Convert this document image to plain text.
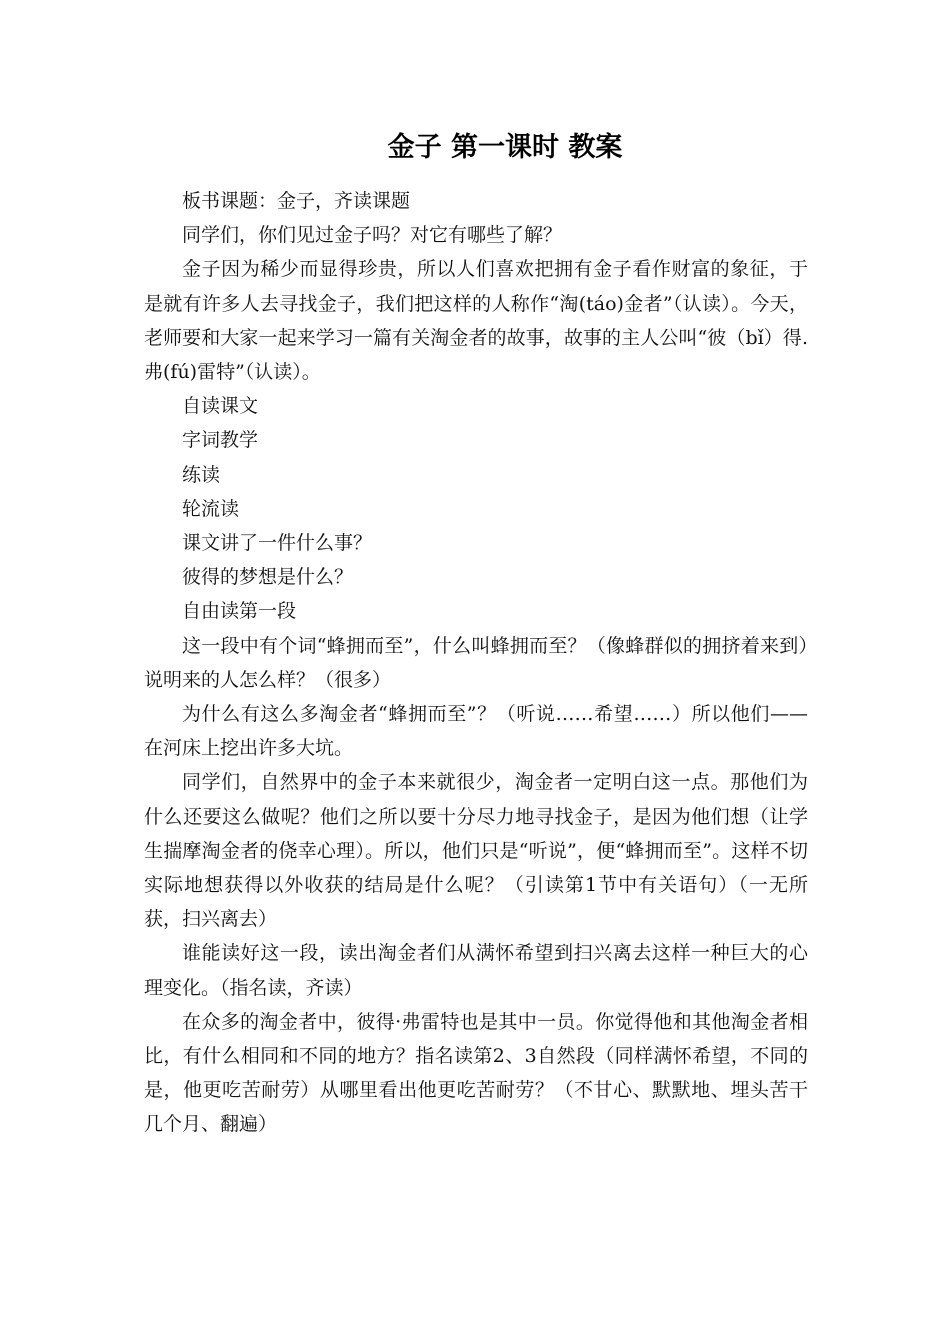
金子 第一课时 教案

板书课题：金子，齐读课题

同学们，你们见过金子吗？对它有哪些了解？

金子因为稀少而显得珍贵，所以人们喜欢把拥有金子看作财富的象征，于是就有许多人去寻找金子，我们把这样的人称作“淘(táo)金者”（认读）。今天，老师要和大家一起来学习一篇有关淘金者的故事，故事的主人公叫“彼（bǐ）得.弗(fú)雷特”（认读）。

自读课文

字词教学

练读

轮流读

课文讲了一件什么事？

彼得的梦想是什么？

自由读第一段

这一段中有个词“蜂拥而至”，什么叫蜂拥而至？（像蜂群似的拥挤着来到）说明来的人怎么样？（很多）

为什么有这么多淘金者“蜂拥而至”？（听说……希望……）所以他们——在河床上挖出许多大坑。

同学们，自然界中的金子本来就很少，淘金者一定明白这一点。那他们为什么还要这么做呢？他们之所以要十分尽力地寻找金子，是因为他们想（让学生揣摩淘金者的侥幸心理）。所以，他们只是“听说”，便“蜂拥而至”。这样不切实际地想获得以外收获的结局是什么呢？（引读第1节中有关语句）（一无所获，扫兴离去）

谁能读好这一段，读出淘金者们从满怀希望到扫兴离去这样一种巨大的心理变化。（指名读，齐读）

在众多的淘金者中，彼得·弗雷特也是其中一员。你觉得他和其他淘金者相比，有什么相同和不同的地方？指名读第2、3自然段（同样满怀希望，不同的是，他更吃苦耐劳）从哪里看出他更吃苦耐劳？（不甘心、默默地、埋头苦干几个月、翻遍）
